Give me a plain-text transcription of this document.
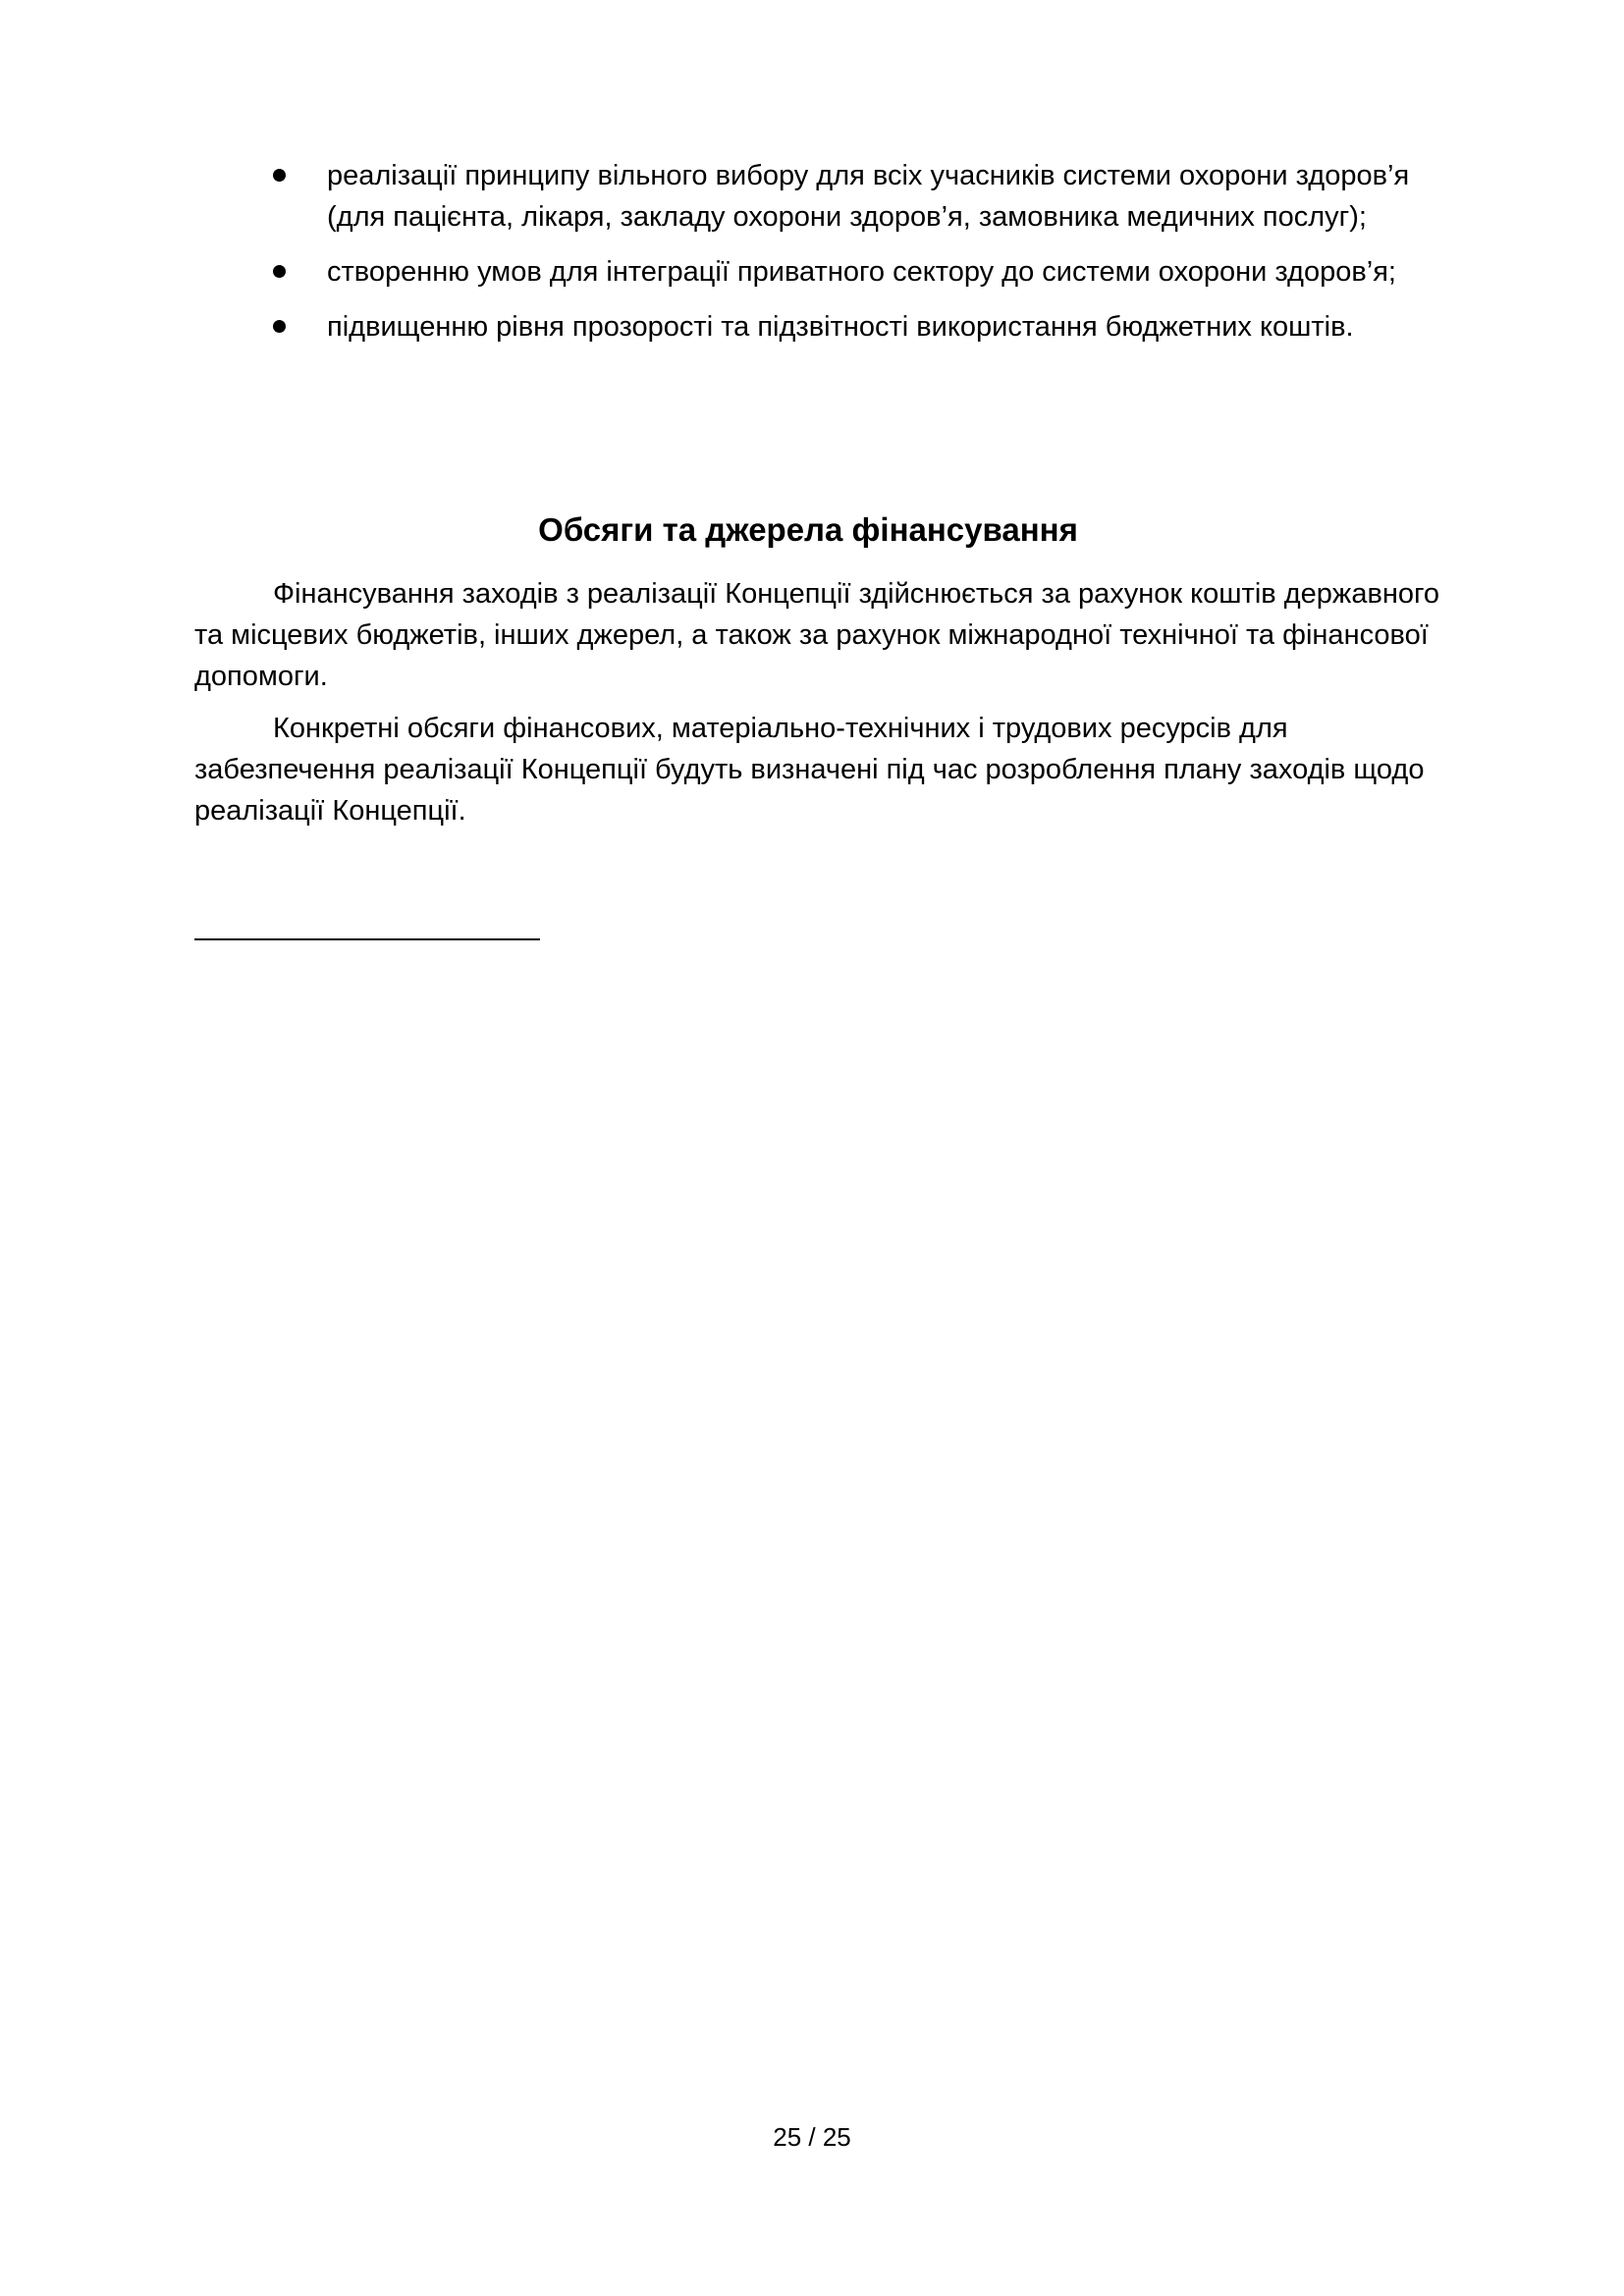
реалізації принципу вільного вибору для всіх учасників системи охорони здоров’я (для пацієнта, лікаря, закладу охорони здоров’я, замовника медичних послуг);
створенню умов для інтеграції приватного сектору до системи охорони здоров’я;
підвищенню рівня прозорості та підзвітності використання бюджетних коштів.
Обсяги та джерела фінансування

Фінансування заходів з реалізації Концепції здійснюється за рахунок коштів державного та місцевих бюджетів, інших джерел, а також за рахунок міжнародної технічної та фінансової допомоги.

Конкретні обсяги фінансових, матеріально-технічних і трудових ресурсів для забезпечення реалізації Концепції будуть визначені під час розроблення плану заходів щодо реалізації Концепції.

25 / 25
